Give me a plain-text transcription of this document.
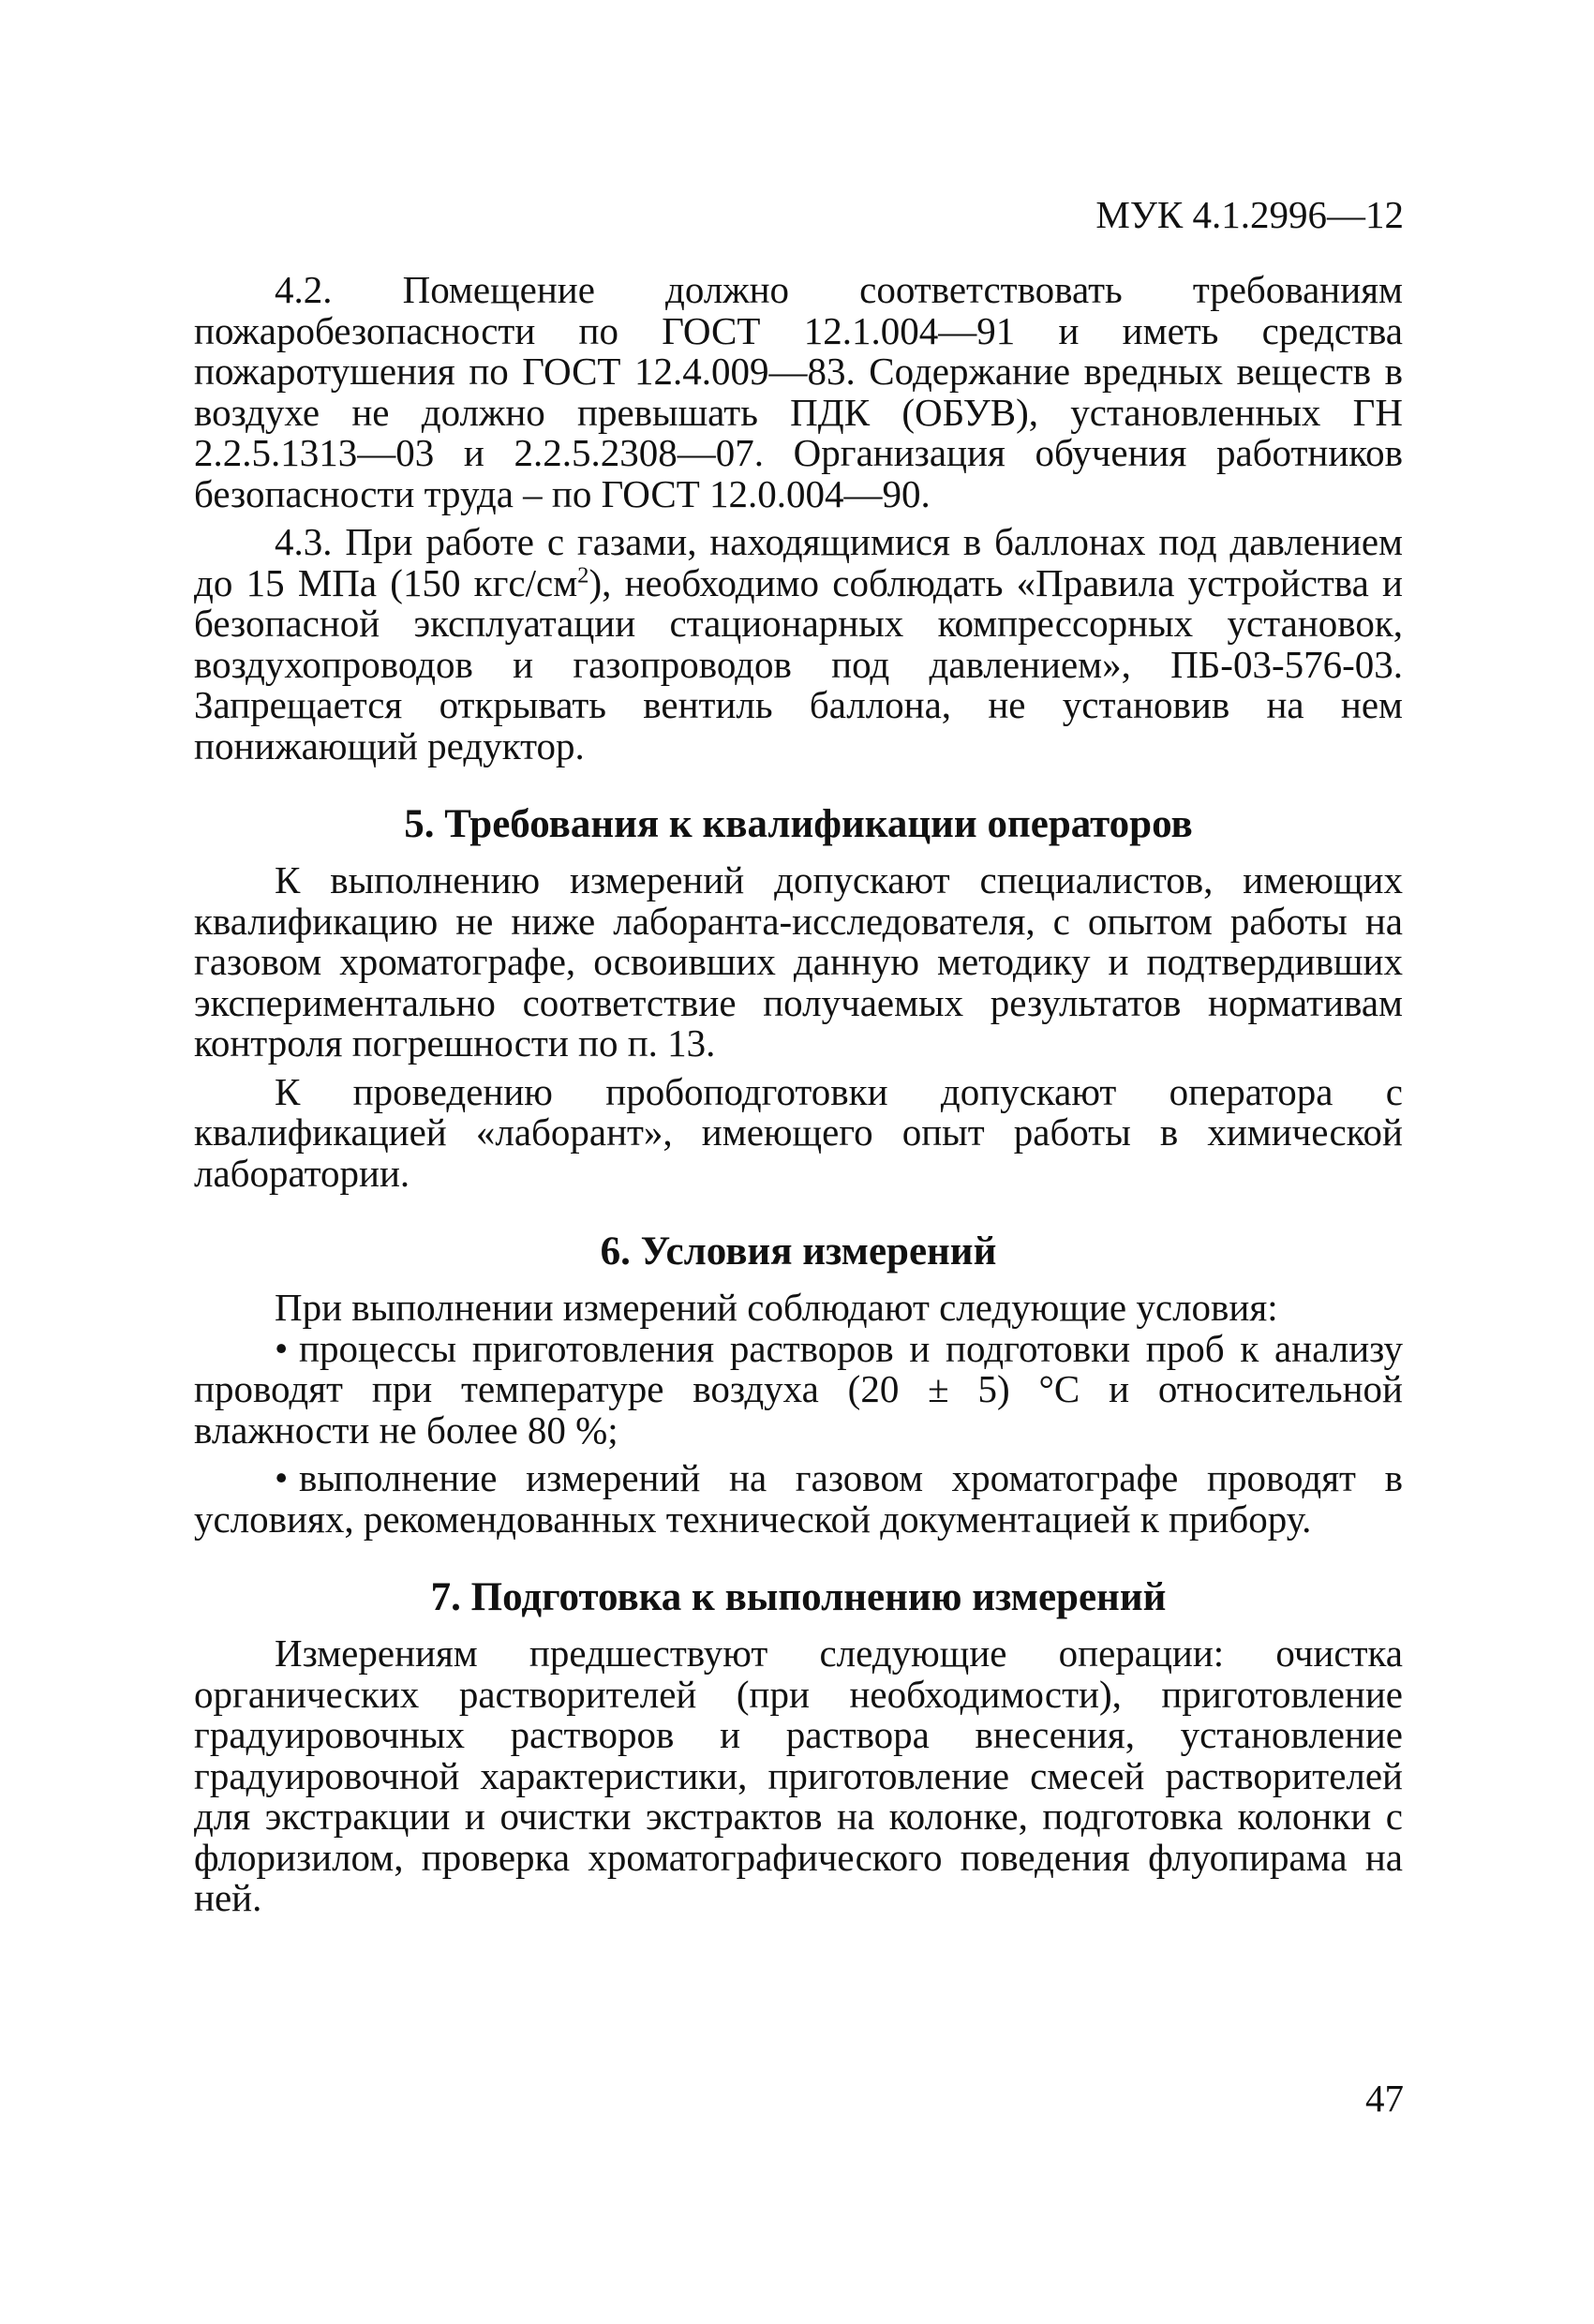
МУК 4.1.2996—12

4.2. Помещение должно соответствовать требованиям пожаробезопасности по ГОСТ 12.1.004—91 и иметь средства пожаротушения по ГОСТ 12.4.009—83. Содержание вредных веществ в воздухе не должно превышать ПДК (ОБУВ), установленных ГН 2.2.5.1313—03 и 2.2.5.2308—07. Организация обучения работников безопасности труда – по ГОСТ 12.0.004—90.

4.3. При работе с газами, находящимися в баллонах под давлением до 15 МПа (150 кгс/$см^2$), необходимо соблюдать «Правила устройства и безопасной эксплуатации стационарных компрессорных установок, воздухопроводов и газопроводов под давлением», ПБ-03-576-03. Запрещается открывать вентиль баллона, не установив на нем понижающий редуктор.

5. Требования к квалификации операторов

К выполнению измерений допускают специалистов, имеющих квалификацию не ниже лаборанта-исследователя, с опытом работы на газовом хроматографе, освоивших данную методику и подтвердивших экспериментально соответствие получаемых результатов нормативам контроля погрешности по п. 13.

К проведению пробоподготовки допускают оператора с квалификацией «лаборант», имеющего опыт работы в химической лаборатории.

6. Условия измерений

При выполнении измерений соблюдают следующие условия:

• процессы приготовления растворов и подготовки проб к анализу проводят при температуре воздуха (20 ± 5) °С и относительной влажности не более 80 %;
• выполнение измерений на газовом хроматографе проводят в условиях, рекомендованных технической документацией к прибору.
7. Подготовка к выполнению измерений

Измерениям предшествуют следующие операции: очистка органических растворителей (при необходимости), приготовление градуировочных растворов и раствора внесения, установление градуировочной характеристики, приготовление смесей растворителей для экстракции и очистки экстрактов на колонке, подготовка колонки с флоризилом, проверка хроматографического поведения флуопирама на ней.

47
